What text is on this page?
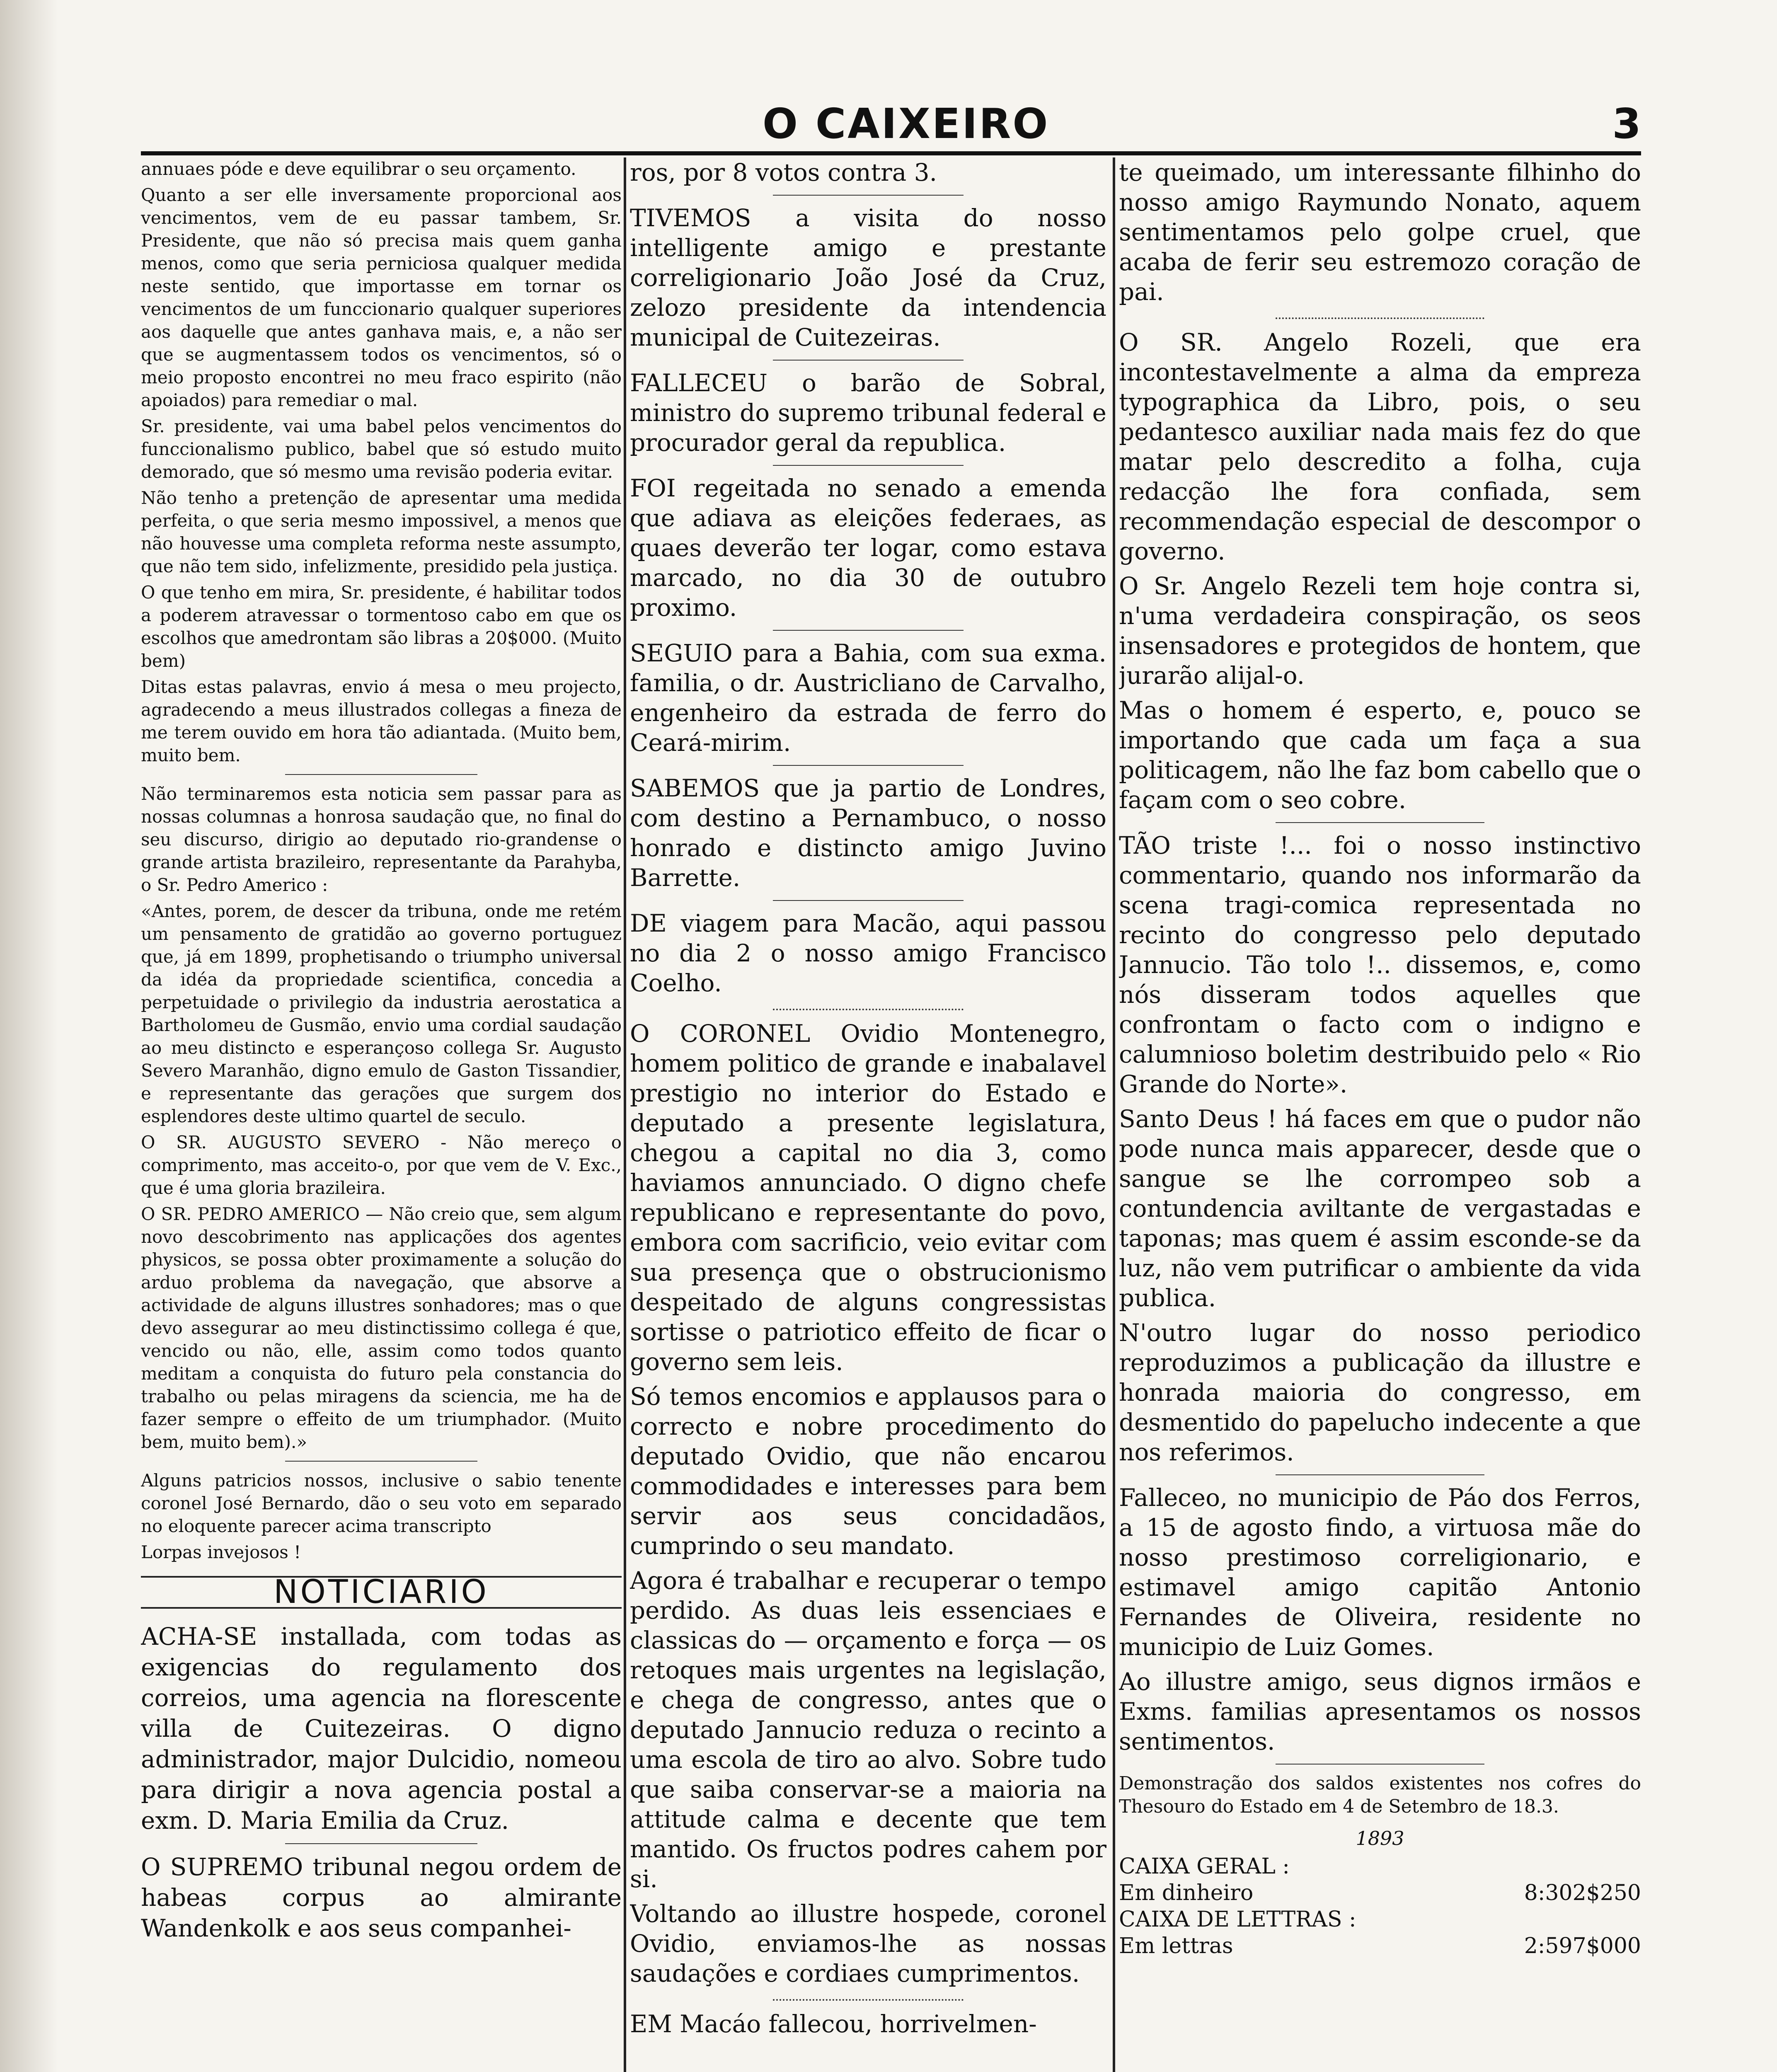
O CAIXEIRO	3

annuaes póde e deve equilibrar o seu orçamento.

Quanto a ser elle inversamente proporcional aos vencimentos, vem de eu passar tambem, Sr. Presidente, que não só precisa mais quem ganha menos, como que seria perniciosa qualquer medida neste sentido, que importasse em tornar os vencimentos de um funccionario qualquer superiores aos daquelle que antes ganhava mais, e, a não ser que se augmentassem todos os vencimentos, só o meio proposto encontrei no meu fraco espirito (não apoiados) para remediar o mal.

Sr. presidente, vai uma babel pelos vencimentos do funccionalismo publico, babel que só estudo muito demorado, que só mesmo uma revisão poderia evitar.

Não tenho a pretenção de apresentar uma medida perfeita, o que seria mesmo impossivel, a menos que não houvesse uma completa reforma neste assumpto, que não tem sido, infelizmente, presidido pela justiça.

O que tenho em mira, Sr. presidente, é habilitar todos a poderem atravessar o tormentoso cabo em que os escolhos que amedrontam são libras a 20$000. (Muito bem)

Ditas estas palavras, envio á mesa o meu projecto, agradecendo a meus illustrados collegas a fineza de me terem ouvido em hora tão adiantada. (Muito bem, muito bem.

Não terminaremos esta noticia sem passar para as nossas columnas a honrosa saudação que, no final do seu discurso, dirigio ao deputado rio-grandense o grande artista brazileiro, representante da Parahyba, o Sr. Pedro Americo :

«Antes, porem, de descer da tribuna, onde me retém um pensamento de gratidão ao governo portuguez que, já em 1899, prophetisando o triumpho universal da idéa da propriedade scientifica, concedia a perpetuidade o privilegio da industria aerostatica a Bartholomeu de Gusmão, envio uma cordial saudação ao meu distincto e esperançoso collega Sr. Augusto Severo Maranhão, digno emulo de Gaston Tissandier, e representante das gerações que surgem dos esplendores deste ultimo quartel de seculo.

O SR. AUGUSTO SEVERO - Não mereço o comprimento, mas acceito-o, por que vem de V. Exc., que é uma gloria brazileira.

O SR. PEDRO AMERICO — Não creio que, sem algum novo descobrimento nas applicações dos agentes physicos, se possa obter proximamente a solução do arduo problema da navegação, que absorve a actividade de alguns illustres sonhadores; mas o que devo assegurar ao meu distinctissimo collega é que, vencido ou não, elle, assim como todos quanto meditam a conquista do futuro pela constancia do trabalho ou pelas miragens da sciencia, me ha de fazer sempre o effeito de um triumphador. (Muito bem, muito bem).»

Alguns patricios nossos, inclusive o sabio tenente coronel José Bernardo, dão o seu voto em separado no eloquente parecer acima transcripto

Lorpas invejosos !

NOTICIARIO

ACHA-SE installada, com todas as exigencias do regulamento dos correios, uma agencia na florescente villa de Cuitezeiras. O digno administrador, major Dulcidio, nomeou para dirigir a nova agencia postal a exm. D. Maria Emilia da Cruz.

O SUPREMO tribunal negou ordem de habeas corpus ao almirante Wandenkolk e aos seus companhei-

ros, por 8 votos contra 3.

TIVEMOS a visita do nosso intelligente amigo e prestante correligionario João José da Cruz, zelozo presidente da intendencia municipal de Cuitezeiras.

FALLECEU o barão de Sobral, ministro do supremo tribunal federal e procurador geral da republica.

FOI regeitada no senado a emenda que adiava as eleições federaes, as quaes deverão ter logar, como estava marcado, no dia 30 de outubro proximo.

SEGUIO para a Bahia, com sua exma. familia, o dr. Austricliano de Carvalho, engenheiro da estrada de ferro do Ceará-mirim.

SABEMOS que ja partio de Londres, com destino a Pernambuco, o nosso honrado e distincto amigo Juvino Barrette.

DE viagem para Macão, aqui passou no dia 2 o nosso amigo Francisco Coelho.

O CORONEL Ovidio Montenegro, homem politico de grande e inabalavel prestigio no interior do Estado e deputado a presente legislatura, chegou a capital no dia 3, como haviamos annunciado. O digno chefe republicano e representante do povo, embora com sacrificio, veio evitar com sua presença que o obstrucionismo despeitado de alguns congressistas sortisse o patriotico effeito de ficar o governo sem leis.

Só temos encomios e applausos para o correcto e nobre procedimento do deputado Ovidio, que não encarou commodidades e interesses para bem servir aos seus concidadãos, cumprindo o seu mandato.

Agora é trabalhar e recuperar o tempo perdido. As duas leis essenciaes e classicas do — orçamento e força — os retoques mais urgentes na legislação, e chega de congresso, antes que o deputado Jannucio reduza o recinto a uma escola de tiro ao alvo. Sobre tudo que saiba conservar-se a maioria na attitude calma e decente que tem mantido. Os fructos podres cahem por si.

Voltando ao illustre hospede, coronel Ovidio, enviamos-lhe as nossas saudações e cordiaes cumprimentos.

EM Macáo fallecou, horrivelmen-

te queimado, um interessante filhinho do nosso amigo Raymundo Nonato, aquem sentimentamos pelo golpe cruel, que acaba de ferir seu estremozo coração de pai.

O SR. Angelo Rozeli, que era incontestavelmente a alma da empreza typographica da Libro, pois, o seu pedantesco auxiliar nada mais fez do que matar pelo descredito a folha, cuja redacção lhe fora confiada, sem recommendação especial de descompor o governo.

O Sr. Angelo Rezeli tem hoje contra si, n'uma verdadeira conspiração, os seos insensadores e protegidos de hontem, que jurarão alijal-o.

Mas o homem é esperto, e, pouco se importando que cada um faça a sua politicagem, não lhe faz bom cabello que o façam com o seo cobre.

TÃO triste !... foi o nosso instinctivo commentario, quando nos informarão da scena tragi-comica representada no recinto do congresso pelo deputado Jannucio. Tão tolo !.. dissemos, e, como nós disseram todos aquelles que confrontam o facto com o indigno e calumnioso boletim destribuido pelo « Rio Grande do Norte».

Santo Deus ! há faces em que o pudor não pode nunca mais apparecer, desde que o sangue se lhe corrompeo sob a contundencia aviltante de vergastadas e taponas; mas quem é assim esconde-se da luz, não vem putrificar o ambiente da vida publica.

N'outro lugar do nosso periodico reproduzimos a publicação da illustre e honrada maioria do congresso, em desmentido do papelucho indecente a que nos referimos.

Falleceo, no municipio de Páo dos Ferros, a 15 de agosto findo, a virtuosa mãe do nosso prestimoso correligionario, e estimavel amigo capitão Antonio Fernandes de Oliveira, residente no municipio de Luiz Gomes.

Ao illustre amigo, seus dignos irmãos e Exms. familias apresentamos os nossos sentimentos.

Demonstração dos saldos existentes nos cofres do Thesouro do Estado em 4 de Setembro de 18.3.

1893
CAIXA GERAL :
Em dinheiro	8:302$250
CAIXA DE LETTRAS :
Em lettras	2:597$000
